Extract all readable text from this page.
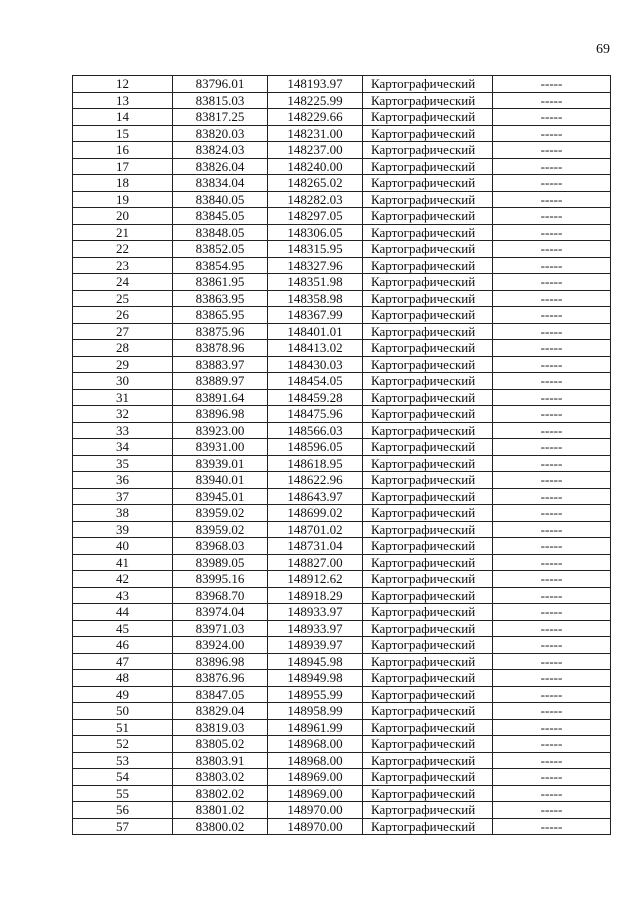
69
12	83796.01	148193.97	Картографический	-----
13	83815.03	148225.99	Картографический	-----
14	83817.25	148229.66	Картографический	-----
15	83820.03	148231.00	Картографический	-----
16	83824.03	148237.00	Картографический	-----
17	83826.04	148240.00	Картографический	-----
18	83834.04	148265.02	Картографический	-----
19	83840.05	148282.03	Картографический	-----
20	83845.05	148297.05	Картографический	-----
21	83848.05	148306.05	Картографический	-----
22	83852.05	148315.95	Картографический	-----
23	83854.95	148327.96	Картографический	-----
24	83861.95	148351.98	Картографический	-----
25	83863.95	148358.98	Картографический	-----
26	83865.95	148367.99	Картографический	-----
27	83875.96	148401.01	Картографический	-----
28	83878.96	148413.02	Картографический	-----
29	83883.97	148430.03	Картографический	-----
30	83889.97	148454.05	Картографический	-----
31	83891.64	148459.28	Картографический	-----
32	83896.98	148475.96	Картографический	-----
33	83923.00	148566.03	Картографический	-----
34	83931.00	148596.05	Картографический	-----
35	83939.01	148618.95	Картографический	-----
36	83940.01	148622.96	Картографический	-----
37	83945.01	148643.97	Картографический	-----
38	83959.02	148699.02	Картографический	-----
39	83959.02	148701.02	Картографический	-----
40	83968.03	148731.04	Картографический	-----
41	83989.05	148827.00	Картографический	-----
42	83995.16	148912.62	Картографический	-----
43	83968.70	148918.29	Картографический	-----
44	83974.04	148933.97	Картографический	-----
45	83971.03	148933.97	Картографический	-----
46	83924.00	148939.97	Картографический	-----
47	83896.98	148945.98	Картографический	-----
48	83876.96	148949.98	Картографический	-----
49	83847.05	148955.99	Картографический	-----
50	83829.04	148958.99	Картографический	-----
51	83819.03	148961.99	Картографический	-----
52	83805.02	148968.00	Картографический	-----
53	83803.91	148968.00	Картографический	-----
54	83803.02	148969.00	Картографический	-----
55	83802.02	148969.00	Картографический	-----
56	83801.02	148970.00	Картографический	-----
57	83800.02	148970.00	Картографический	-----
